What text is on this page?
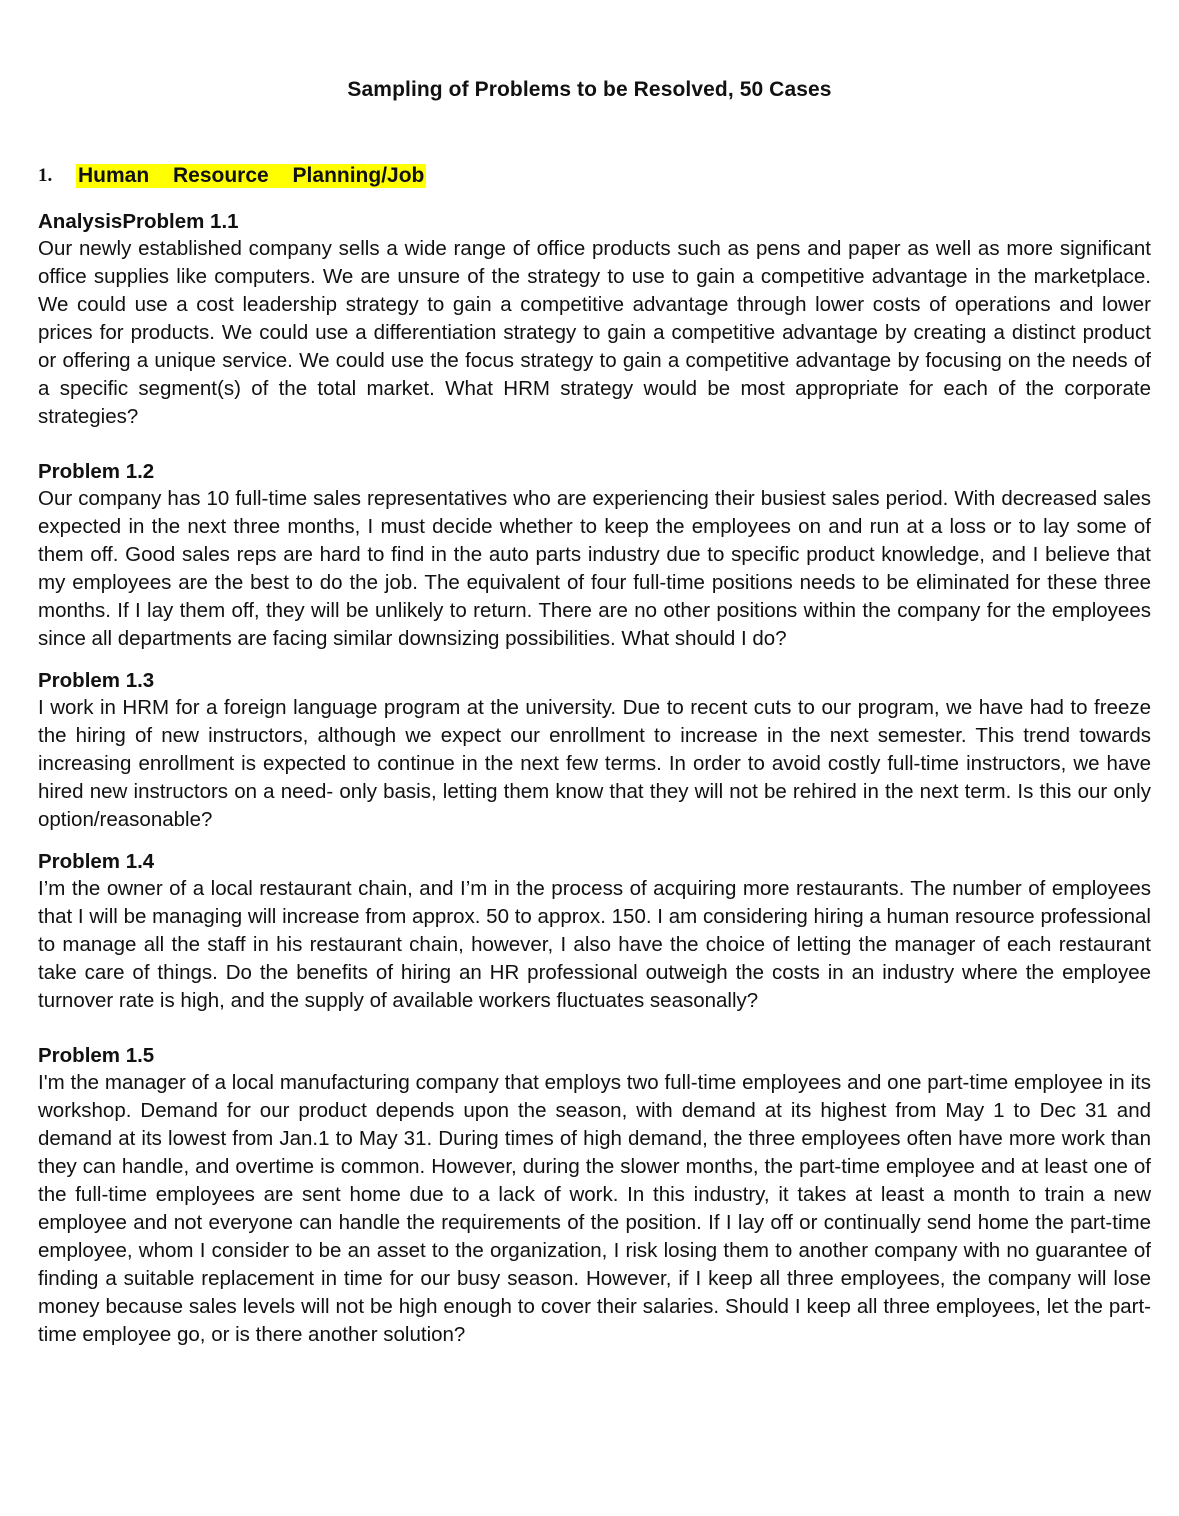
Sampling of Problems to be Resolved, 50 Cases
1.	Human Resource Planning/Job

AnalysisProblem 1.1

Our newly established company sells a wide range of office products such as pens and paper as well as more significant office supplies like computers. We are unsure of the strategy to use to gain a competitive advantage in the marketplace. We could use a cost leadership strategy to gain a competitive advantage through lower costs of operations and lower prices for products. We could use a differentiation strategy to gain a competitive advantage by creating a distinct product or offering a unique service. We could use the focus strategy to gain a competitive advantage by focusing on the needs of a specific segment(s) of the total market. What HRM strategy would be most appropriate for each of the corporate strategies?

Problem 1.2

Our company has 10 full-time sales representatives who are experiencing their busiest sales period. With decreased sales expected in the next three months, I must decide whether to keep the employees on and run at a loss or to lay some of them off. Good sales reps are hard to find in the auto parts industry due to specific product knowledge, and I believe that my employees are the best to do the job. The equivalent of four full-time positions needs to be eliminated for these three months. If I lay them off, they will be unlikely to return. There are no other positions within the company for the employees since all departments are facing similar downsizing possibilities. What should I do?

Problem 1.3

I work in HRM for a foreign language program at the university. Due to recent cuts to our program, we have had to freeze the hiring of new instructors, although we expect our enrollment to increase in the next semester. This trend towards increasing enrollment is expected to continue in the next few terms. In order to avoid costly full-time instructors, we have hired new instructors on a need- only basis, letting them know that they will not be rehired in the next term. Is this our only option/reasonable?

Problem 1.4

I’m the owner of a local restaurant chain, and I’m in the process of acquiring more restaurants. The number of employees that I will be managing will increase from approx. 50 to approx. 150. I am considering hiring a human resource professional to manage all the staff in his restaurant chain, however, I also have the choice of letting the manager of each restaurant take care of things. Do the benefits of hiring an HR professional outweigh the costs in an industry where the employee turnover rate is high, and the supply of available workers fluctuates seasonally?

Problem 1.5

I'm the manager of a local manufacturing company that employs two full-time employees and one part-time employee in its workshop. Demand for our product depends upon the season, with demand at its highest from May 1 to Dec 31 and demand at its lowest from Jan.1 to May 31. During times of high demand, the three employees often have more work than they can handle, and overtime is common. However, during the slower months, the part-time employee and at least one of the full-time employees are sent home due to a lack of work. In this industry, it takes at least a month to train a new employee and not everyone can handle the requirements of the position. If I lay off or continually send home the part-time employee, whom I consider to be an asset to the organization, I risk losing them to another company with no guarantee of finding a suitable replacement in time for our busy season. However, if I keep all three employees, the company will lose money because sales levels will not be high enough to cover their salaries. Should I keep all three employees, let the part-time employee go, or is there another solution?
